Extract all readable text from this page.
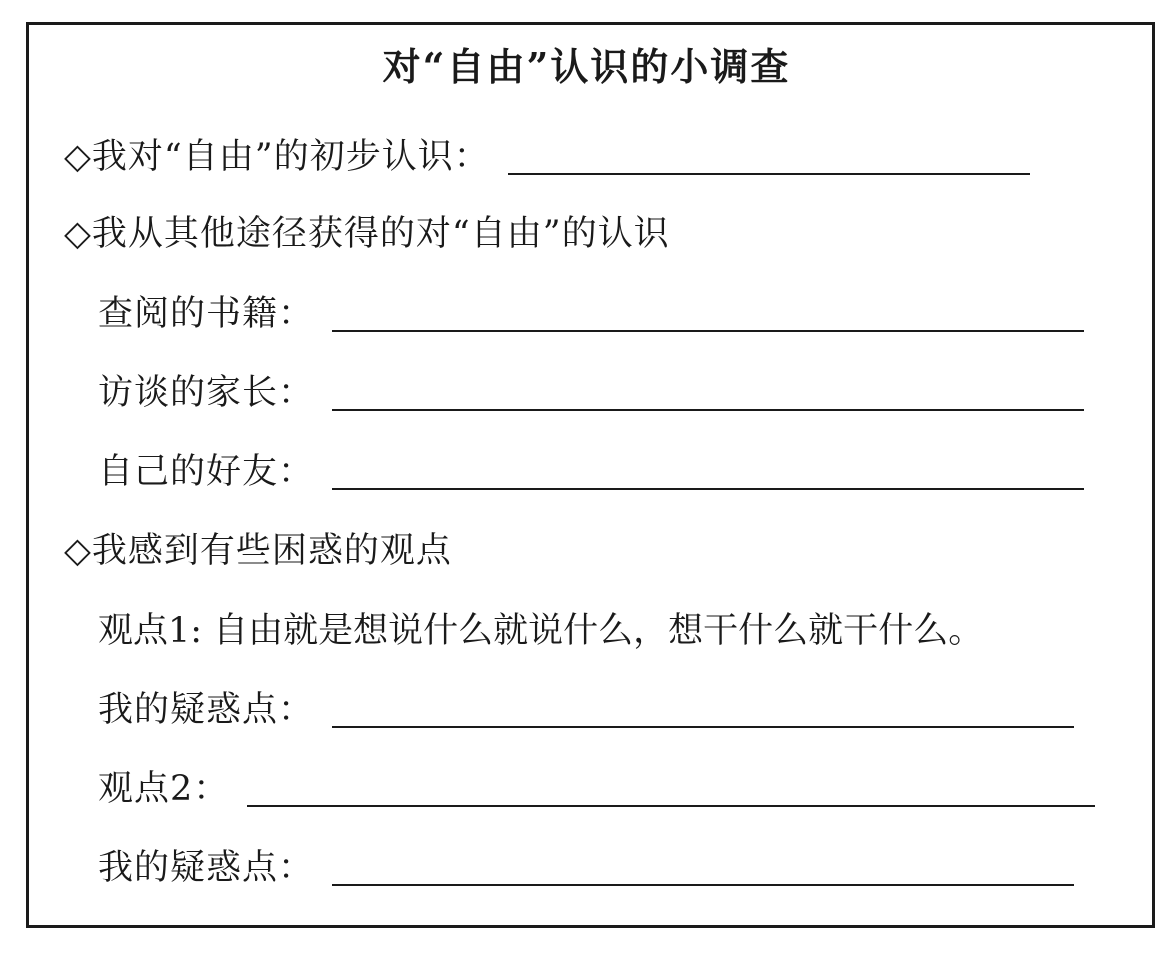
对“自由”认识的小调查
◇我对“自由”的初步认识：
◇我从其他途径获得的对“自由”的认识
查阅的书籍：
访谈的家长：
自己的好友：
◇我感到有些困惑的观点
观点1: 自由就是想说什么就说什么，想干什么就干什么。
我的疑惑点：
观点2：
我的疑惑点：
